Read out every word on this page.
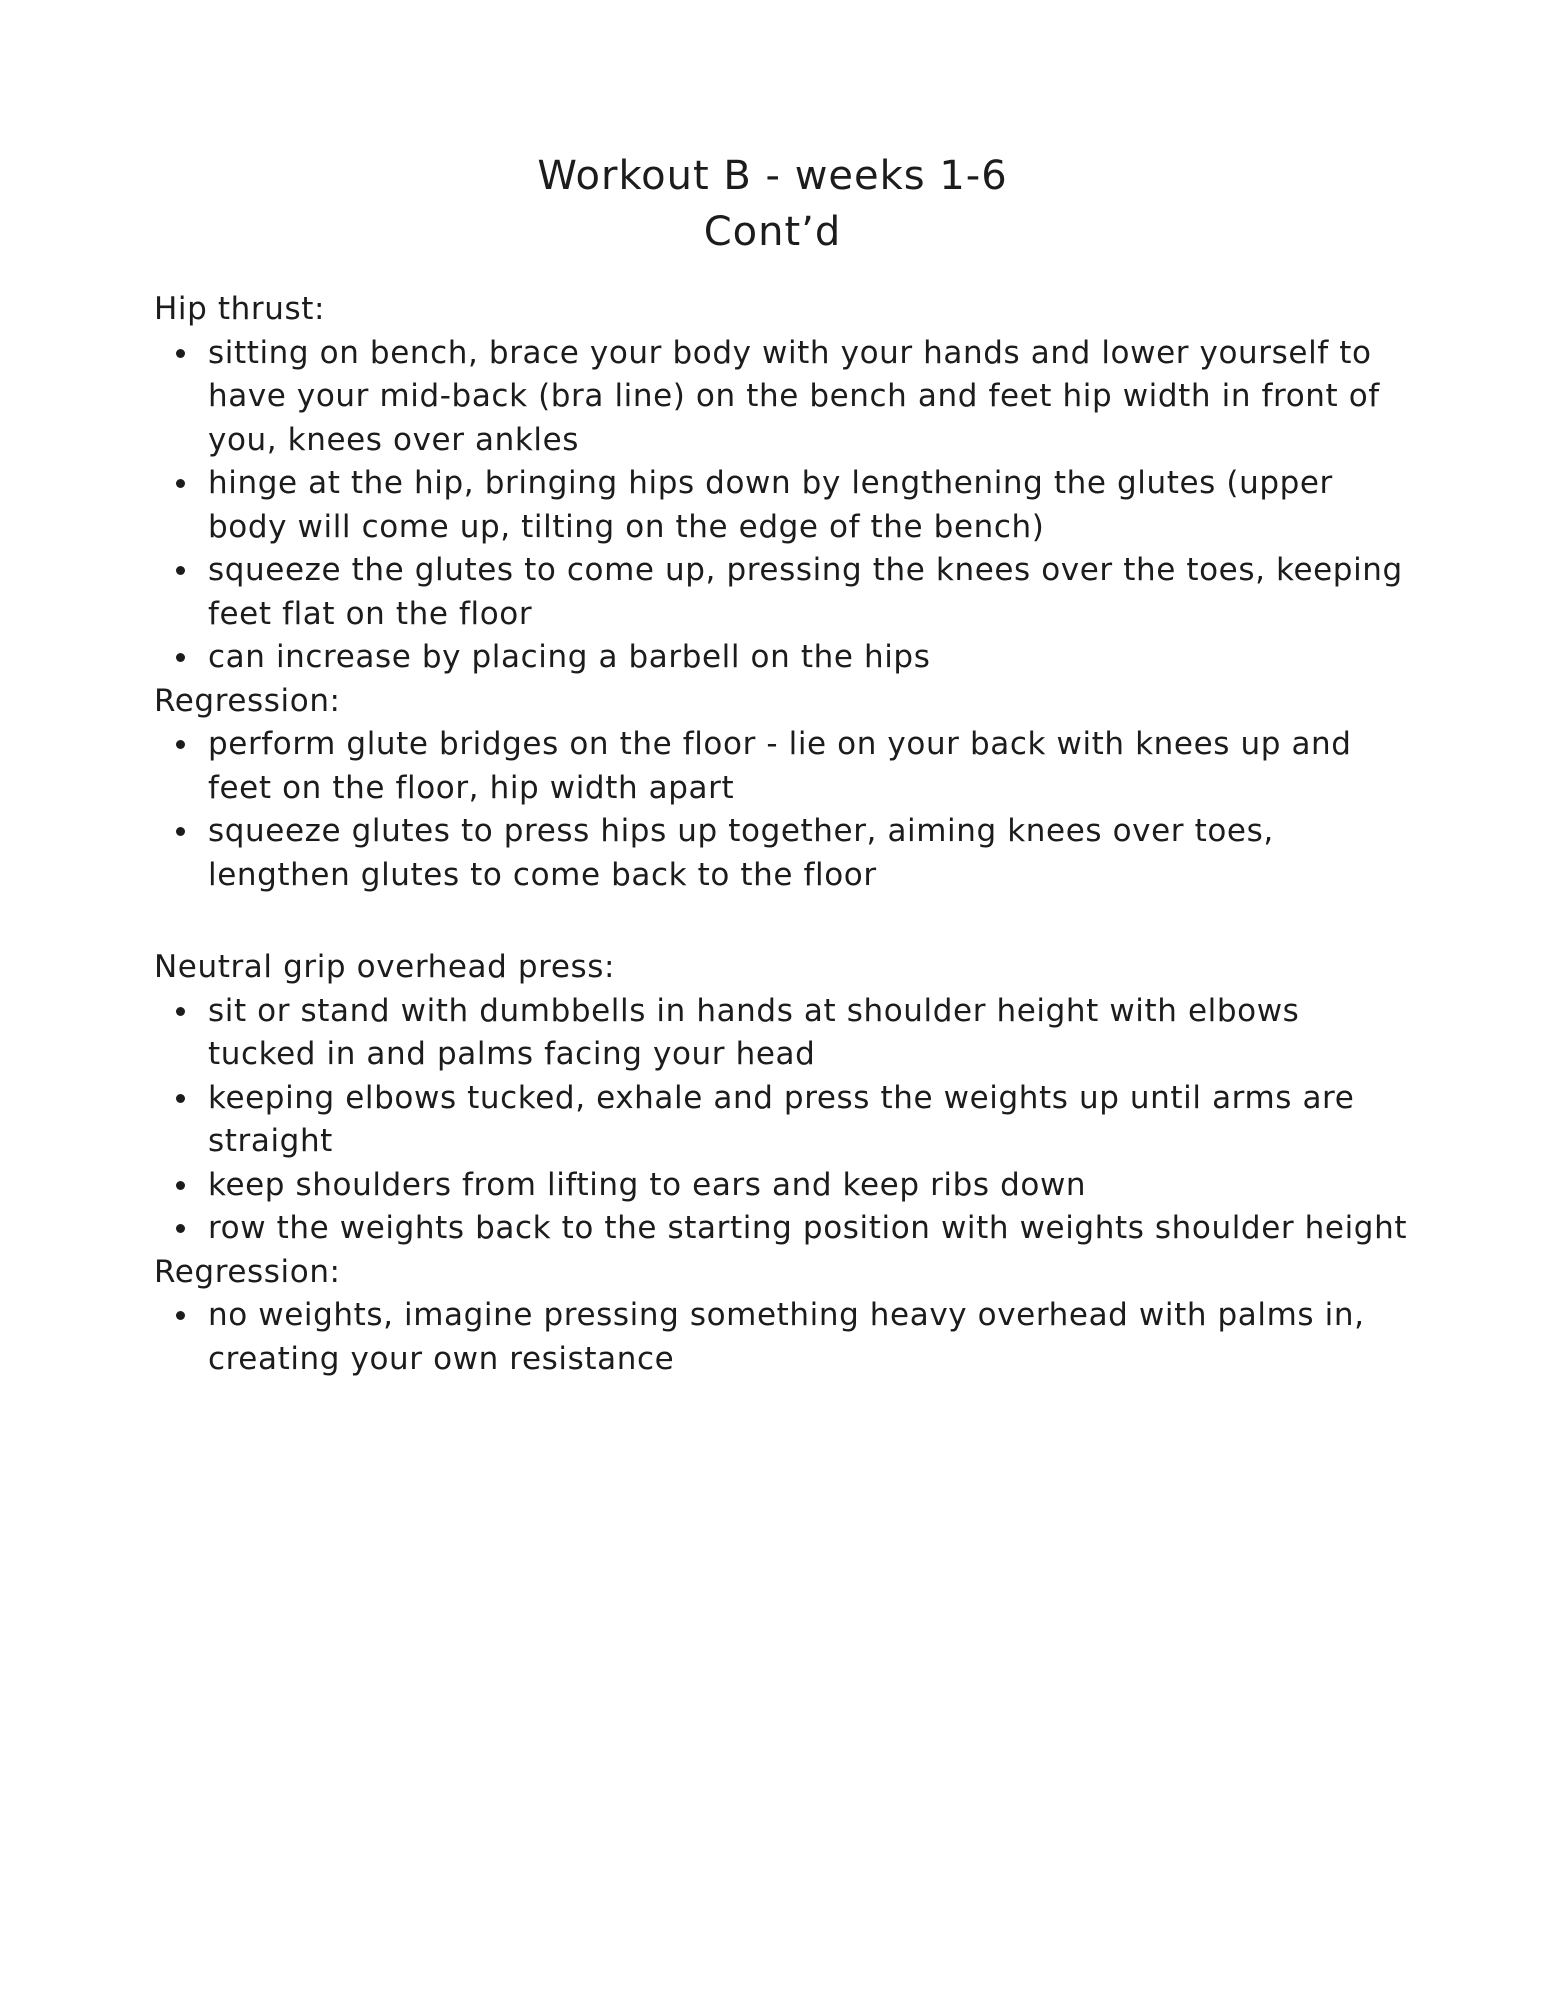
Workout B - weeks 1-6
Cont’d
Hip thrust:
sitting on bench, brace your body with your hands and lower yourself to have your mid-back (bra line) on the bench and feet hip width in front of you, knees over ankles
hinge at the hip, bringing hips down by lengthening the glutes (upper body will come up, tilting on the edge of the bench)
squeeze the glutes to come up, pressing the knees over the toes, keeping feet flat on the floor
can increase by placing a barbell on the hips
Regression:
perform glute bridges on the floor - lie on your back with knees up and feet on the floor, hip width apart
squeeze glutes to press hips up together, aiming knees over toes, lengthen glutes to come back to the floor
Neutral grip overhead press:
sit or stand with dumbbells in hands at shoulder height with elbows tucked in and palms facing your head
keeping elbows tucked, exhale and press the weights up until arms are straight
keep shoulders from lifting to ears and keep ribs down
row the weights back to the starting position with weights shoulder height
Regression:
no weights, imagine pressing something heavy overhead with palms in, creating your own resistance
